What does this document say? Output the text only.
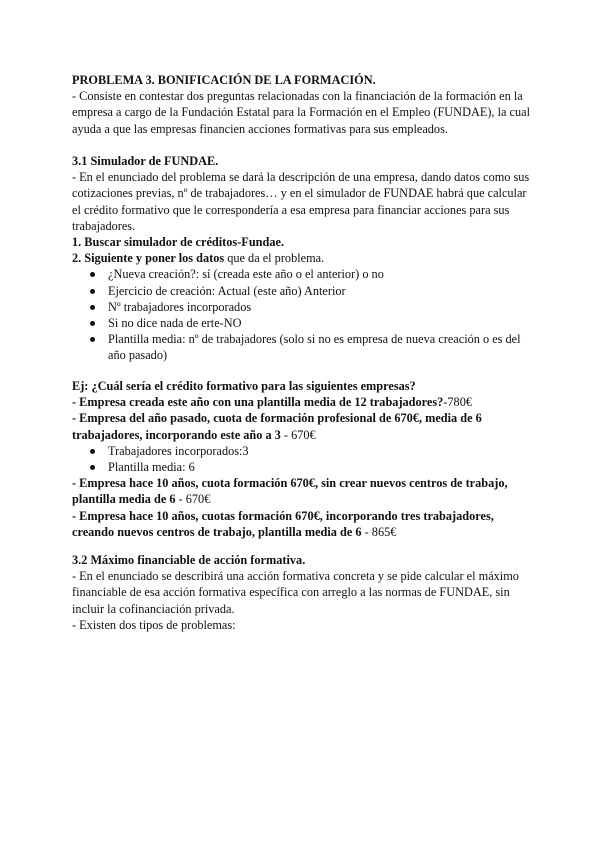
PROBLEMA 3. BONIFICACIÓN DE LA FORMACIÓN.

- Consiste en contestar dos preguntas relacionadas con la financiación de la formación en la empresa a cargo de la Fundación Estatal para la Formación en el Empleo (FUNDAE), la cual ayuda a que las empresas financien acciones formativas para sus empleados.

3.1 Simulador de FUNDAE.

- En el enunciado del problema se dará la descripción de una empresa, dando datos como sus cotizaciones previas, nº de trabajadores… y en el simulador de FUNDAE habrá que calcular el crédito formativo que le correspondería a esa empresa para financiar acciones para sus trabajadores.

1. Buscar simulador de créditos-Fundae.

2. Siguiente y poner los datos que da el problema.

¿Nueva creación?: sí (creada este año o el anterior) o no
Ejercicio de creación: Actual (este año) Anterior
Nº trabajadores incorporados
Si no dice nada de erte-NO
Plantilla media: nº de trabajadores (solo si no es empresa de nueva creación o es del año pasado)

Ej: ¿Cuál sería el crédito formativo para las siguientes empresas?

- Empresa creada este año con una plantilla media de 12 trabajadores?-780€

- Empresa del año pasado, cuota de formación profesional de 670€, media de 6 trabajadores, incorporando este año a 3 - 670€

Trabajadores incorporados:3
Plantilla media: 6

- Empresa hace 10 años, cuota formación 670€, sin crear nuevos centros de trabajo, plantilla media de 6 - 670€

- Empresa hace 10 años, cuotas formación 670€, incorporando tres trabajadores, creando nuevos centros de trabajo, plantilla media de 6 - 865€

3.2 Máximo financiable de acción formativa.

- En el enunciado se describirá una acción formativa concreta y se pide calcular el máximo financiable de esa acción formativa específica con arreglo a las normas de FUNDAE, sin incluir la cofinanciación privada.

- Existen dos tipos de problemas:
